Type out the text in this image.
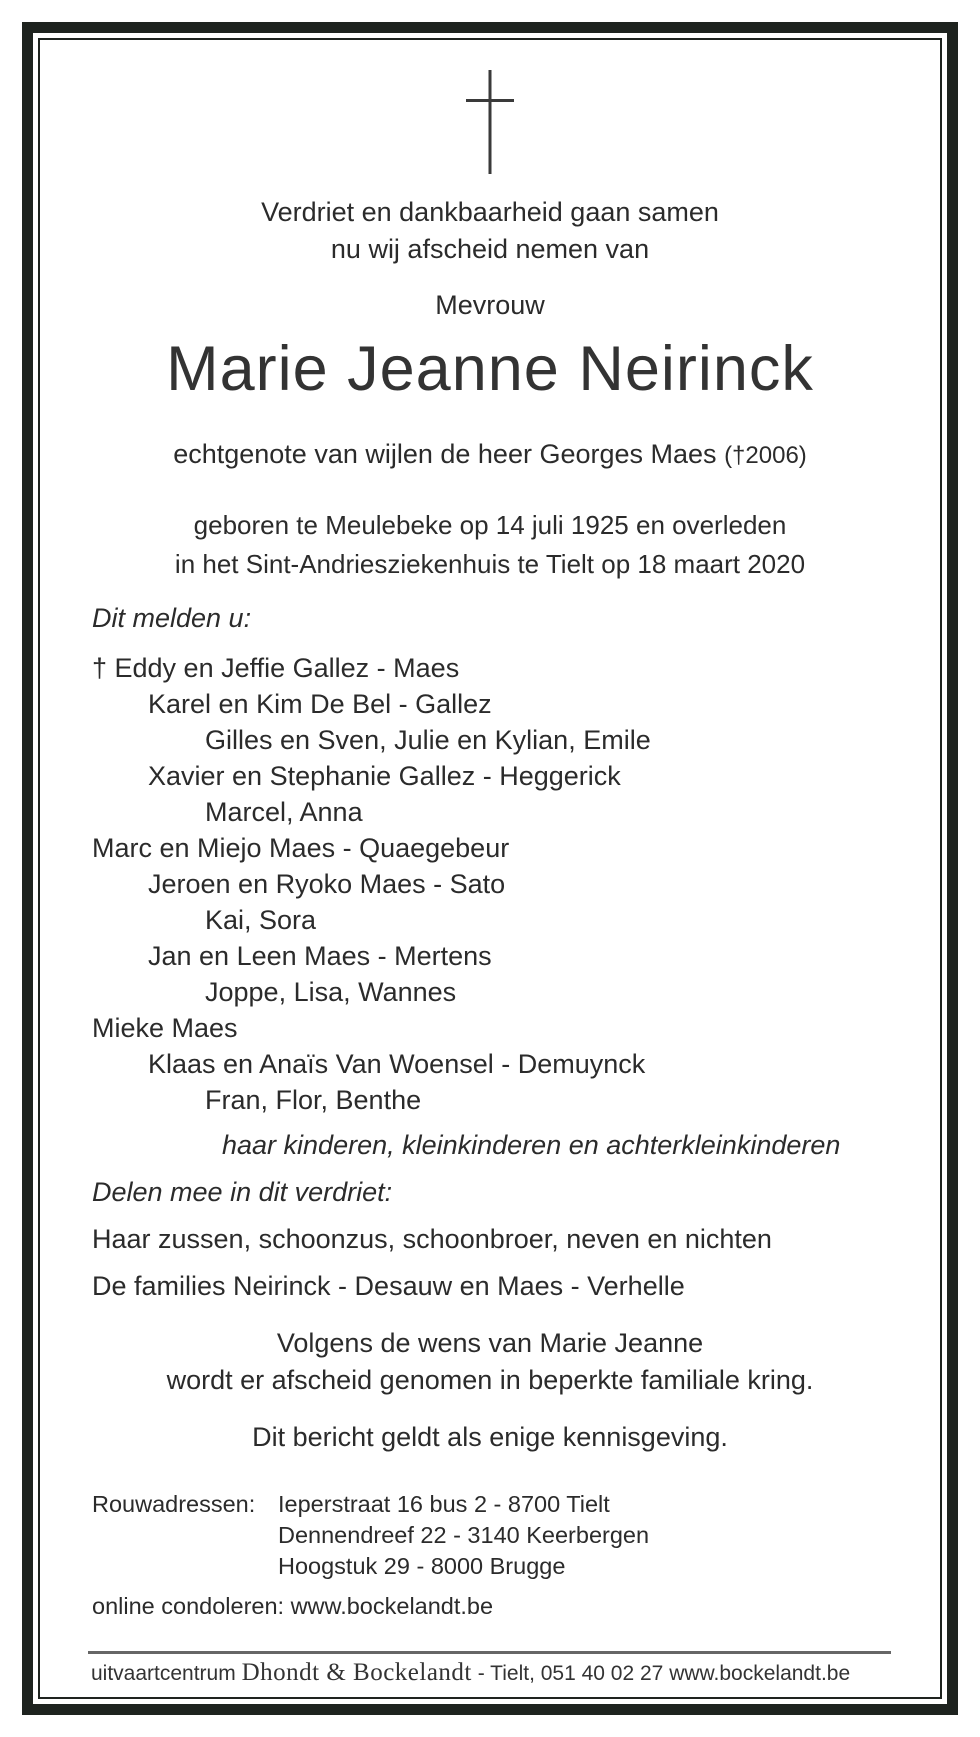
Verdriet en dankbaarheid gaan samen
nu wij afscheid nemen van
Mevrouw
Marie Jeanne Neirinck
echtgenote van wijlen de heer Georges Maes (†2006)
geboren te Meulebeke op 14 juli 1925 en overleden
in het Sint-Andriesziekenhuis te Tielt op 18 maart 2020
Dit melden u:
† Eddy en Jeffie Gallez - Maes
Karel en Kim De Bel - Gallez
Gilles en Sven, Julie en Kylian, Emile
Xavier en Stephanie Gallez - Heggerick
Marcel, Anna
Marc en Miejo Maes - Quaegebeur
Jeroen en Ryoko Maes - Sato
Kai, Sora
Jan en Leen Maes - Mertens
Joppe, Lisa, Wannes
Mieke Maes
Klaas en Anaïs Van Woensel - Demuynck
Fran, Flor, Benthe
haar kinderen, kleinkinderen en achterkleinkinderen
Delen mee in dit verdriet:
Haar zussen, schoonzus, schoonbroer, neven en nichten
De families Neirinck - Desauw en Maes - Verhelle
Volgens de wens van Marie Jeanne
wordt er afscheid genomen in beperkte familiale kring.
Dit bericht geldt als enige kennisgeving.
Rouwadressen: Ieperstraat 16 bus 2 - 8700 Tielt
Dennendreef 22 - 3140 Keerbergen
Hoogstuk 29 - 8000 Brugge
online condoleren: www.bockelandt.be
uitvaartcentrum Dhondt & Bockelandt - Tielt, 051 40 02 27 www.bockelandt.be
